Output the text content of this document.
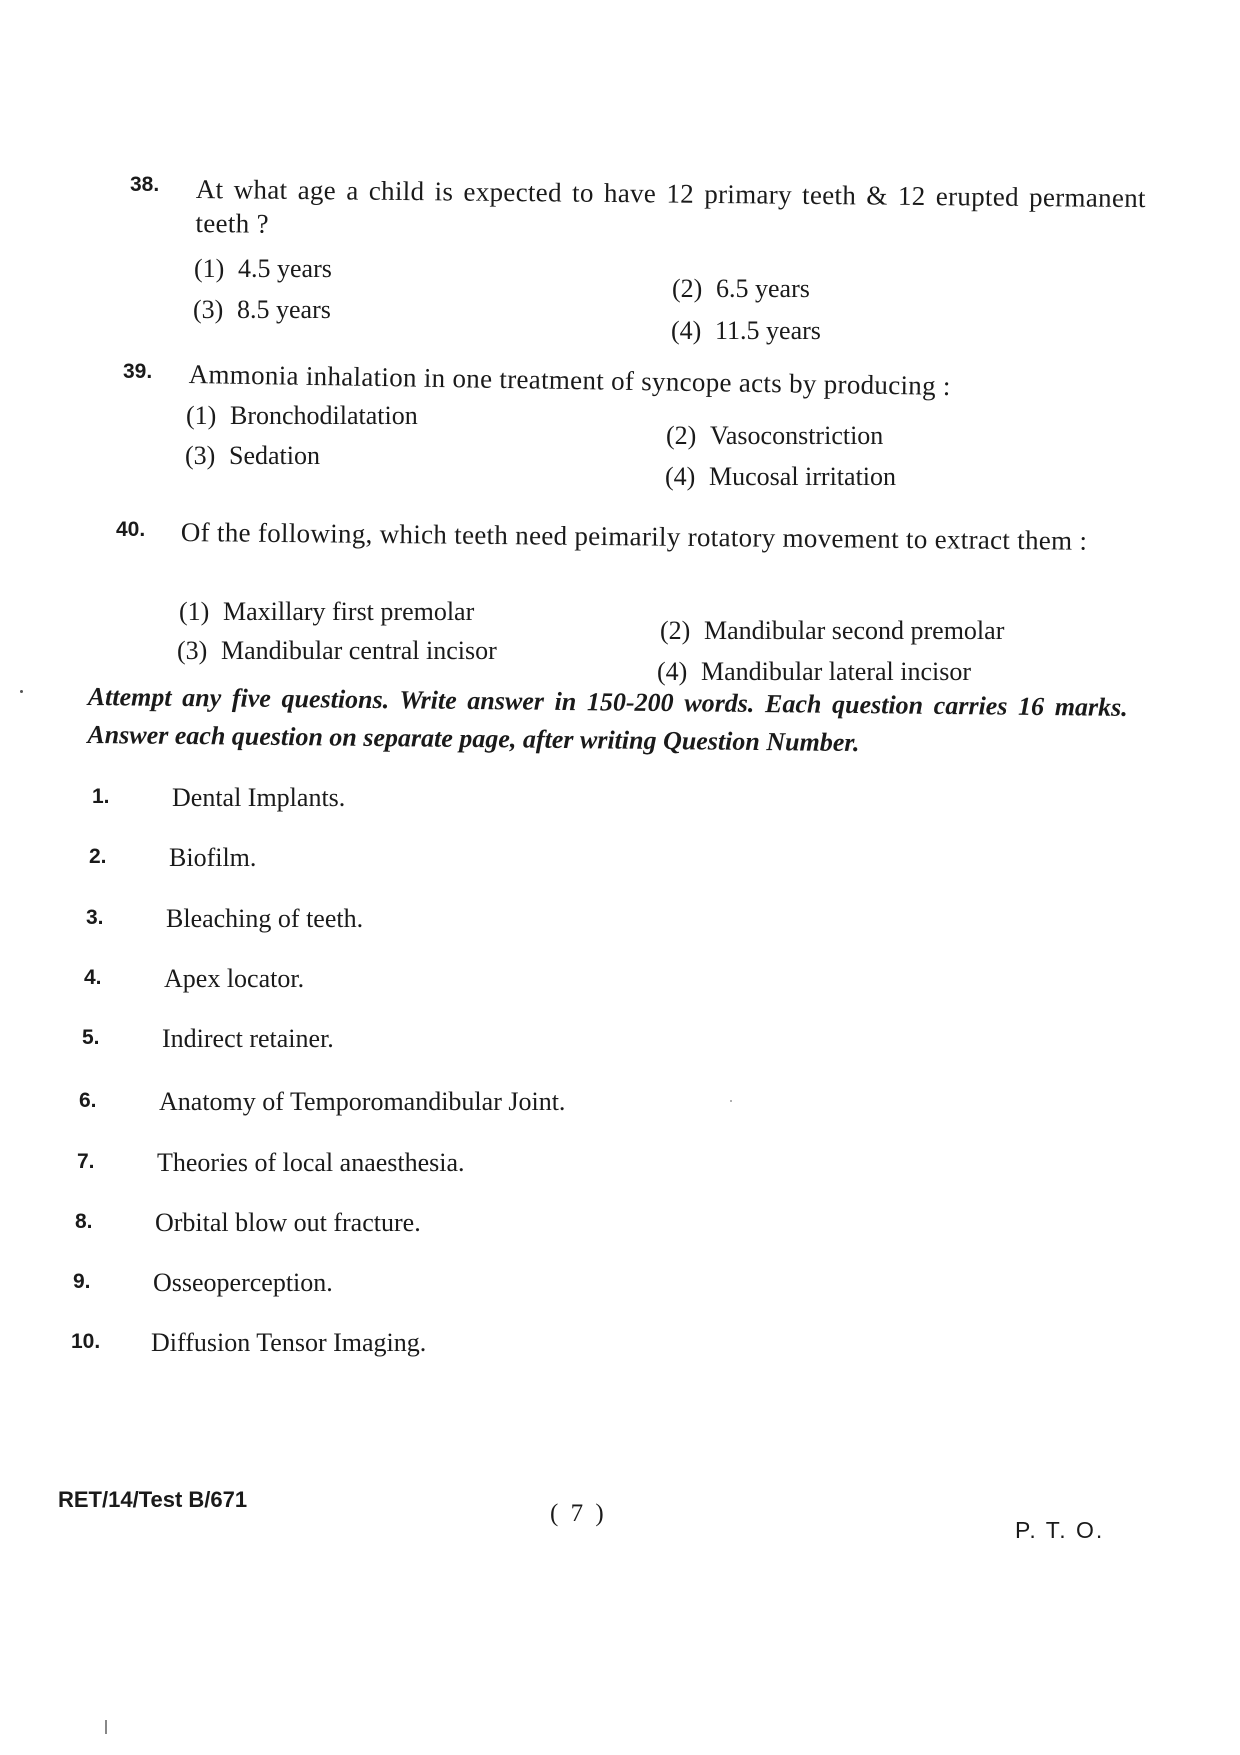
38. At what age a child is expected to have 12 primary teeth & 12 erupted permanent teeth ?
(1) 4.5 years
(3) 8.5 years
(2) 6.5 years
(4) 11.5 years
39. Ammonia inhalation in one treatment of syncope acts by producing :
(1) Bronchodilatation
(3) Sedation
(2) Vasoconstriction
(4) Mucosal irritation
40. Of the following, which teeth need peimarily rotatory movement to extract them :
(1) Maxillary first premolar
(3) Mandibular central incisor
(2) Mandibular second premolar
(4) Mandibular lateral incisor
Attempt any five questions. Write answer in 150-200 words. Each question carries 16 marks. Answer each question on separate page, after writing Question Number.
1. Dental Implants.
2. Biofilm.
3. Bleaching of teeth.
4. Apex locator.
5. Indirect retainer.
6. Anatomy of Temporomandibular Joint.
7. Theories of local anaesthesia.
8. Orbital blow out fracture.
9. Osseoperception.
10. Diffusion Tensor Imaging.
RET/14/Test B/671
( 7 )
P. T. O.
